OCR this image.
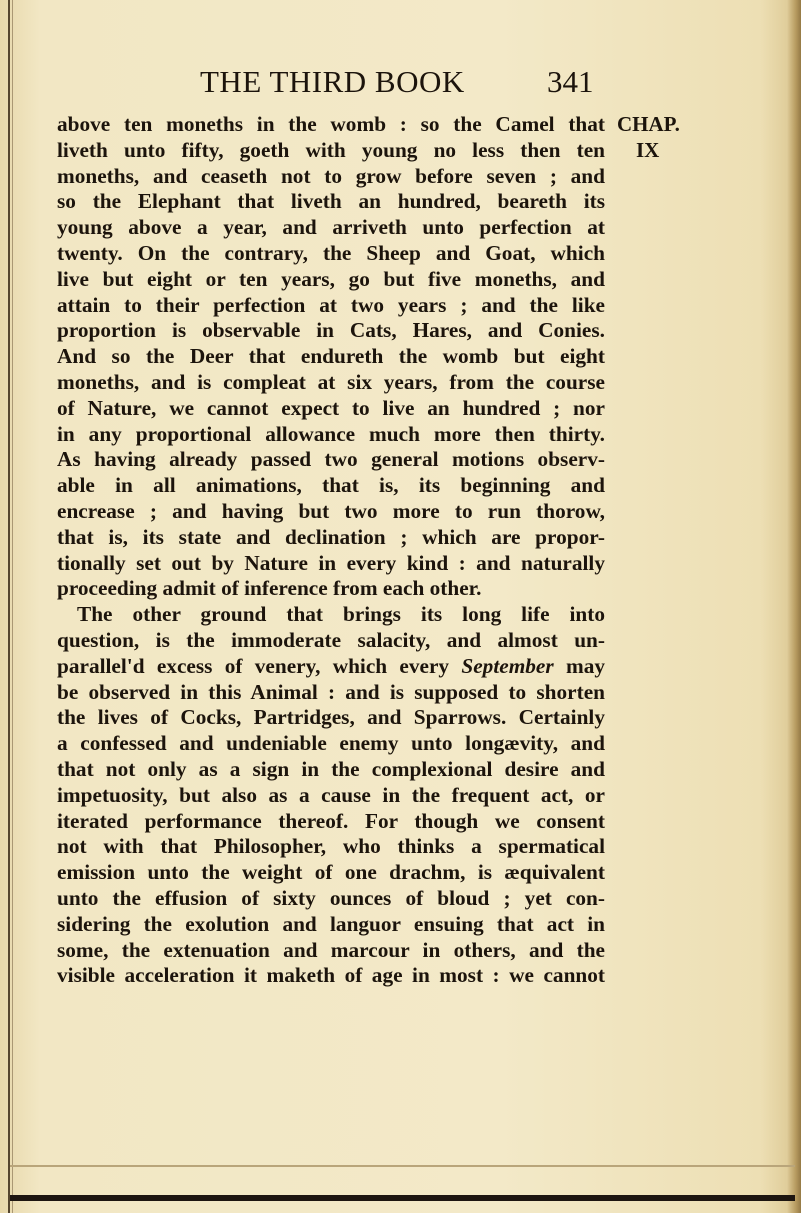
THE THIRD BOOK	341
CHAP.
IX
above ten moneths in the womb : so the Camel that
liveth unto fifty, goeth with young no less then ten
moneths, and ceaseth not to grow before seven ; and
so the Elephant that liveth an hundred, beareth its
young above a year, and arriveth unto perfection at
twenty. On the contrary, the Sheep and Goat, which
live but eight or ten years, go but five moneths, and
attain to their perfection at two years ; and the like
proportion is observable in Cats, Hares, and Conies.
And so the Deer that endureth the womb but eight
moneths, and is compleat at six years, from the course
of Nature, we cannot expect to live an hundred ; nor
in any proportional allowance much more then thirty.
As having already passed two general motions observ-
able in all animations, that is, its beginning and
encrease ; and having but two more to run thorow,
that is, its state and declination ; which are propor-
tionally set out by Nature in every kind : and naturally
proceeding admit of inference from each other.
The other ground that brings its long life into
question, is the immoderate salacity, and almost un-
parallel'd excess of venery, which every September may
be observed in this Animal : and is supposed to shorten
the lives of Cocks, Partridges, and Sparrows. Certainly
a confessed and undeniable enemy unto longævity, and
that not only as a sign in the complexional desire and
impetuosity, but also as a cause in the frequent act, or
iterated performance thereof. For though we consent
not with that Philosopher, who thinks a spermatical
emission unto the weight of one drachm, is æquivalent
unto the effusion of sixty ounces of bloud ; yet con-
sidering the exolution and languor ensuing that act in
some, the extenuation and marcour in others, and the
visible acceleration it maketh of age in most : we cannot
